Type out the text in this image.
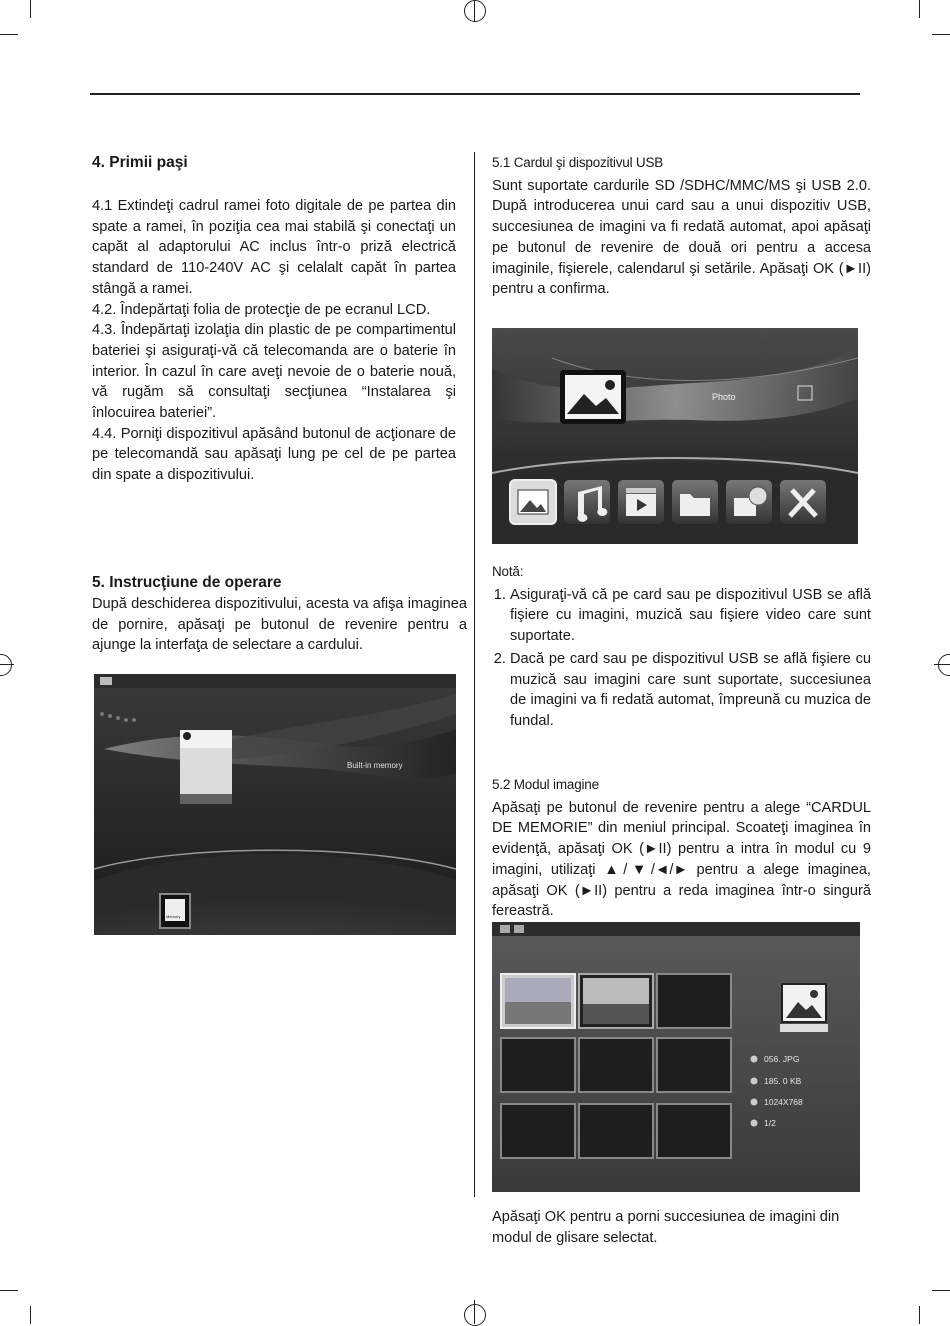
4. Primii paşi

4.1 Extindeţi cadrul ramei foto digitale de pe partea din spate a ramei, în poziţia cea mai stabilă şi conectaţi un capăt al adaptorului AC inclus într-o priză electrică standard de 110-240V AC şi celalalt capăt în partea stângă a ramei.

4.2. Îndepărtaţi folia de protecţie de pe ecranul LCD.

4.3. Îndepărtaţi izolaţia din plastic de pe compartimentul bateriei şi asiguraţi-vă că telecomanda are o baterie în interior. În cazul în care aveţi nevoie de o baterie nouă, vă rugăm să consultaţi secţiunea “Instalarea şi înlocuirea bateriei”.

4.4. Porniţi dispozitivul apăsând butonul de acţionare de pe telecomandă sau apăsaţi lung pe cel de pe partea din spate a dispozitivului.

5. Instrucţiune de operare

După deschiderea dispozitivului, acesta va afişa imaginea de pornire, apăsaţi pe butonul de revenire pentru a ajunge la interfaţa de selectare a cardului.

Built-in memory
Memory

5.1 Cardul şi dispozitivul USB

Sunt suportate cardurile SD /SDHC/MMC/MS şi USB 2.0. După introducerea unui card sau a unui dispozitiv USB, succesiunea de imagini va fi redată automat, apoi apăsaţi pe butonul de revenire de două ori pentru a accesa imaginile, fişierele, calendarul şi setările. Apăsaţi OK (►II) pentru a confirma.

Photo

Notă:

1. Asiguraţi-vă că pe card sau pe dispozitivul USB se află fişiere cu imagini, muzică sau fişiere video care sunt suportate.
2. Dacă pe card sau pe dispozitivul USB se află fişiere cu muzică sau imagini care sunt suportate, succesiunea de imagini va fi redată automat, împreună cu muzica de fundal.

5.2 Modul imagine

Apăsaţi pe butonul de revenire pentru a alege “CARDUL DE MEMORIE” din meniul principal. Scoateţi imaginea în evidenţă, apăsaţi OK (►II) pentru a intra în modul cu 9 imagini, utilizaţi ▲/▼/◄/► pentru a alege imaginea, apăsaţi OK (►II) pentru a reda imaginea într-o singură fereastră.

056. JPG
185. 0 KB
1024X768
1/2

Apăsaţi OK pentru a porni succesiunea de imagini din modul de glisare selectat.
